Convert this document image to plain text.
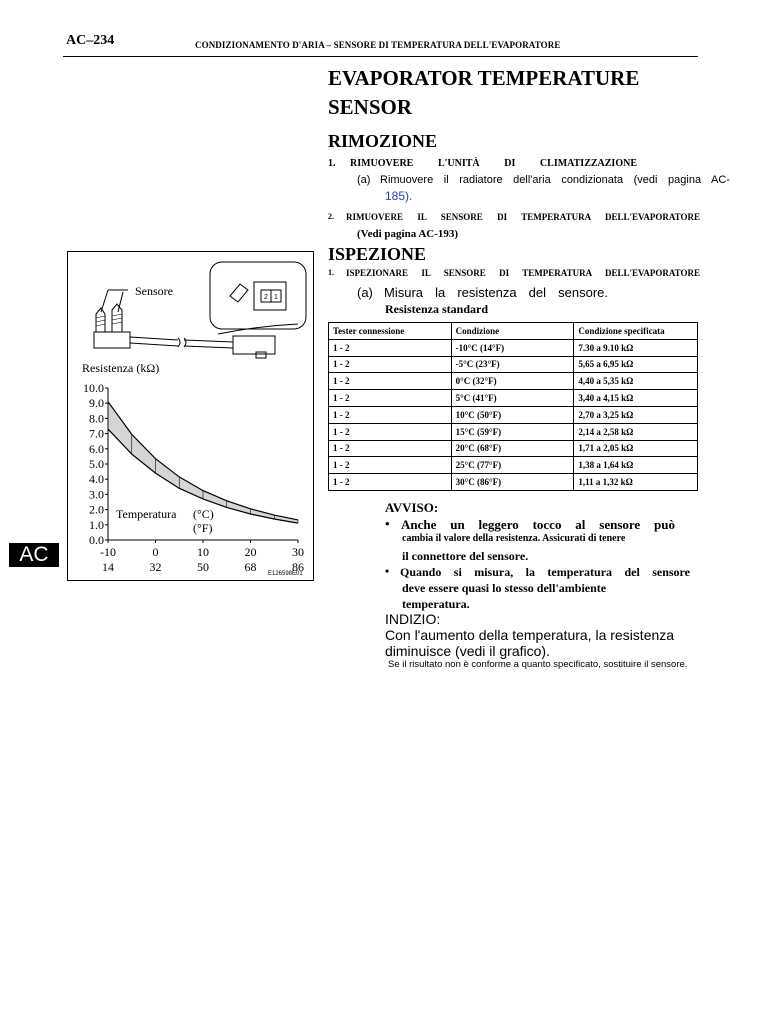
AC–234	CONDIZIONAMENTO D'ARIA – SENSORE DI TEMPERATURA DELL'EVAPORATORE
EVAPORATOR TEMPERATURE
SENSOR
RIMOZIONE
1. RIMUOVERE L'UNITÀ DI CLIMATIZZAZIONE
(a) Rimuovere il radiatore dell'aria condizionata (vedi pagina AC-
185).
2. RIMUOVERE IL SENSORE DI TEMPERATURA DELL'EVAPORATORE
(Vedi pagina AC-193)
ISPEZIONE
1. ISPEZIONARE IL SENSORE DI TEMPERATURA DELL'EVAPORATORE
(a) Misura la resistenza del sensore.
Resistenza standard
Tester connessione	Condizione	Condizione specificata
1 - 2	-10°C (14°F)	7.30 a 9.10 kΩ
1 - 2	-5°C (23°F)	5,65 a 6,95 kΩ
1 - 2	0°C (32°F)	4,40 a 5,35 kΩ
1 - 2	5°C (41°F)	3,40 a 4,15 kΩ
1 - 2	10°C (50°F)	2,70 a 3,25 kΩ
1 - 2	15°C (59°F)	2,14 a 2,58 kΩ
1 - 2	20°C (68°F)	1,71 a 2,05 kΩ
1 - 2	25°C (77°F)	1,38 a 1,64 kΩ
1 - 2	30°C (86°F)	1,11 a 1,32 kΩ
AVVISO:
• Anche un leggero tocco al sensore può
cambia il valore della resistenza. Assicurati di tenere
il connettore del sensore.
• Quando si misura, la temperatura del sensore
deve essere quasi lo stesso dell'ambiente
temperatura.
INDIZIO:
Con l'aumento della temperatura, la resistenza
diminuisce (vedi il grafico).
Se il risultato non è conforme a quanto specificato, sostituire il sensore.
AC
2 1
Sensore
Resistenza (kΩ)
10.0
9.0
8.0
7.0
6.0
5.0
4.0
3.0
2.0
1.0
0.0
-10
14
0
32
10
50
20
68
30
86
Temperatura (°C)
(°F)
E126598E01
